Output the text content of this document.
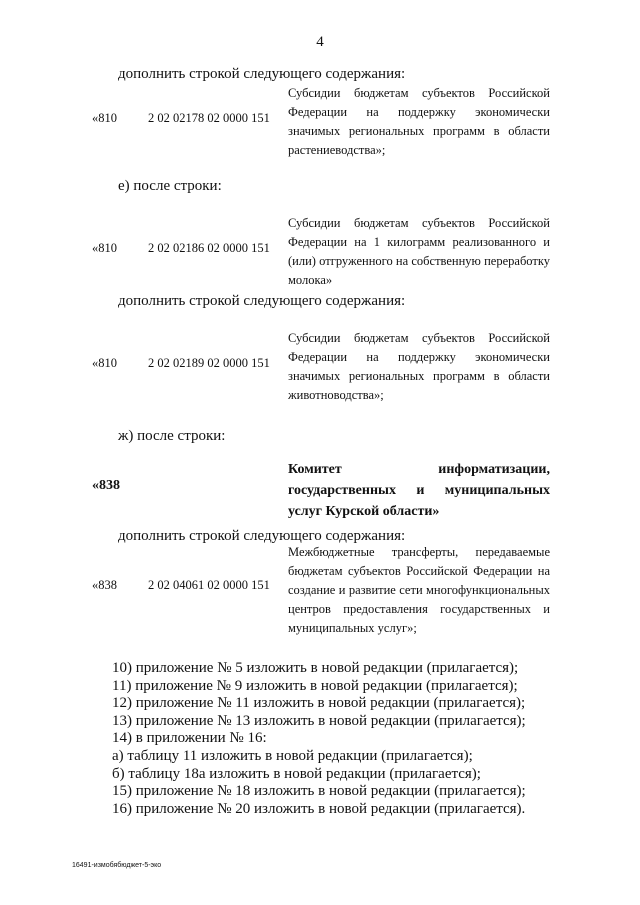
4
дополнить строкой следующего содержания:
«810 2 02 02178 02 0000 151
Субсидии бюджетам субъектов Российской Федерации на поддержку экономически значимых региональных программ в области растениеводства»;
е) после строки:
«810 2 02 02186 02 0000 151
Субсидии бюджетам субъектов Российской Федерации на 1 килограмм реализованного и (или) отгруженного на собственную переработку молока»
дополнить строкой следующего содержания:
«810 2 02 02189 02 0000 151
Субсидии бюджетам субъектов Российской Федерации на поддержку экономически значимых региональных программ в области животноводства»;
ж) после строки:
«838
Комитет информатизации, государственных и муниципальных услуг Курской области»
дополнить строкой следующего содержания:
«838 2 02 04061 02 0000 151
Межбюджетные трансферты, передаваемые бюджетам субъектов Российской Федерации на создание и развитие сети многофункциональных центров предоставления государственных и муниципальных услуг»;
10) приложение № 5 изложить в новой редакции (прилагается);
11) приложение № 9 изложить в новой редакции (прилагается);
12) приложение № 11 изложить в новой редакции (прилагается);
13) приложение № 13 изложить в новой редакции (прилагается);
14) в приложении № 16:
а) таблицу 11 изложить в новой редакции (прилагается);
б) таблицу 18а изложить в новой редакции (прилагается);
15) приложение № 18 изложить в новой редакции (прилагается);
16) приложение № 20 изложить в новой редакции (прилагается).
16491-измобябюджет-5-экo
